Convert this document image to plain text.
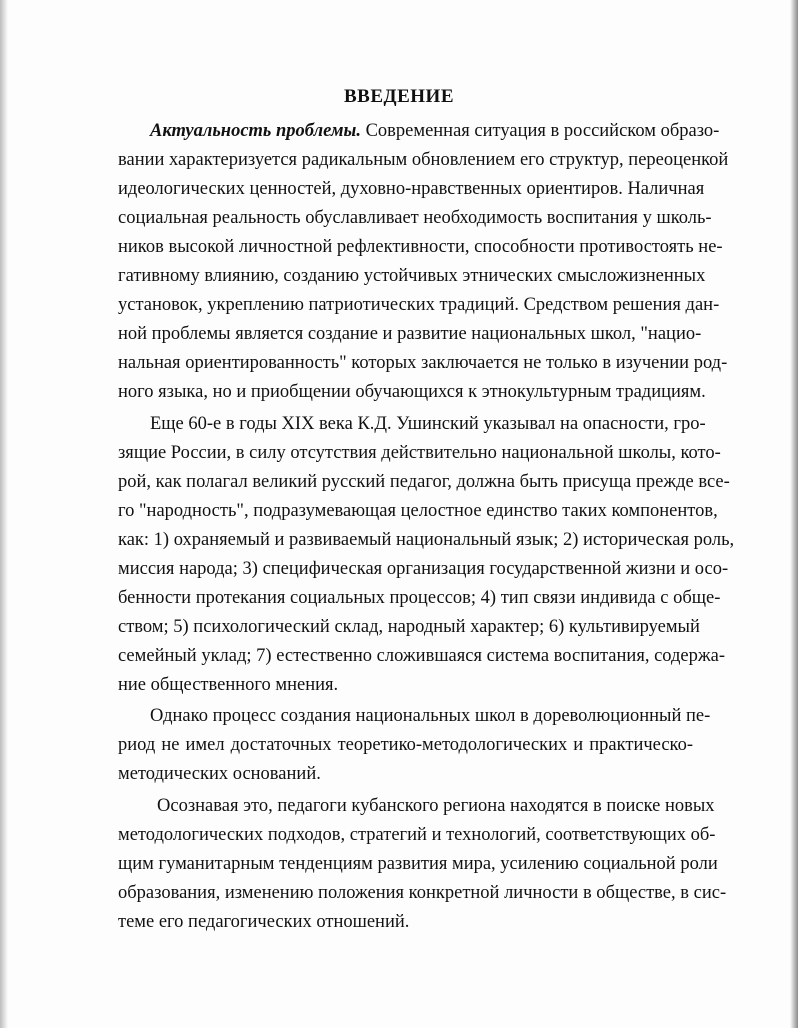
ВВЕДЕНИЕ
Актуальность проблемы. Современная ситуация в российском образо-
вании характеризуется радикальным обновлением его структур, переоценкой
идеологических ценностей, духовно-нравственных ориентиров. Наличная
социальная реальность обуславливает необходимость воспитания у школь-
ников высокой личностной рефлективности, способности противостоять не-
гативному влиянию, созданию устойчивых этнических смысложизненных
установок, укреплению патриотических традиций. Средством решения дан-
ной проблемы является создание и развитие национальных школ, "нацио-
нальная ориентированность" которых заключается не только в изучении род-
ного языка, но и приобщении обучающихся к этнокультурным традициям.
Еще 60-е в годы XIX века К.Д. Ушинский указывал на опасности, гро-
зящие России, в силу отсутствия действительно национальной школы, кото-
рой, как полагал великий русский педагог, должна быть присуща прежде все-
го "народность", подразумевающая целостное единство таких компонентов,
как: 1) охраняемый и развиваемый национальный язык; 2) историческая роль,
миссия народа; 3) специфическая организация государственной жизни и осо-
бенности протекания социальных процессов; 4) тип связи индивида с обще-
ством; 5) психологический склад, народный характер; 6) культивируемый
семейный уклад; 7) естественно сложившаяся система воспитания, содержа-
ние общественного мнения.
Однако процесс создания национальных школ в дореволюционный пе-
риод не имел достаточных теоретико-методологических и практическо-
методических оснований.
Осознавая это, педагоги кубанского региона находятся в поиске новых
методологических подходов, стратегий и технологий, соответствующих об-
щим гуманитарным тенденциям развития мира, усилению социальной роли
образования, изменению положения конкретной личности в обществе, в сис-
теме его педагогических отношений.
